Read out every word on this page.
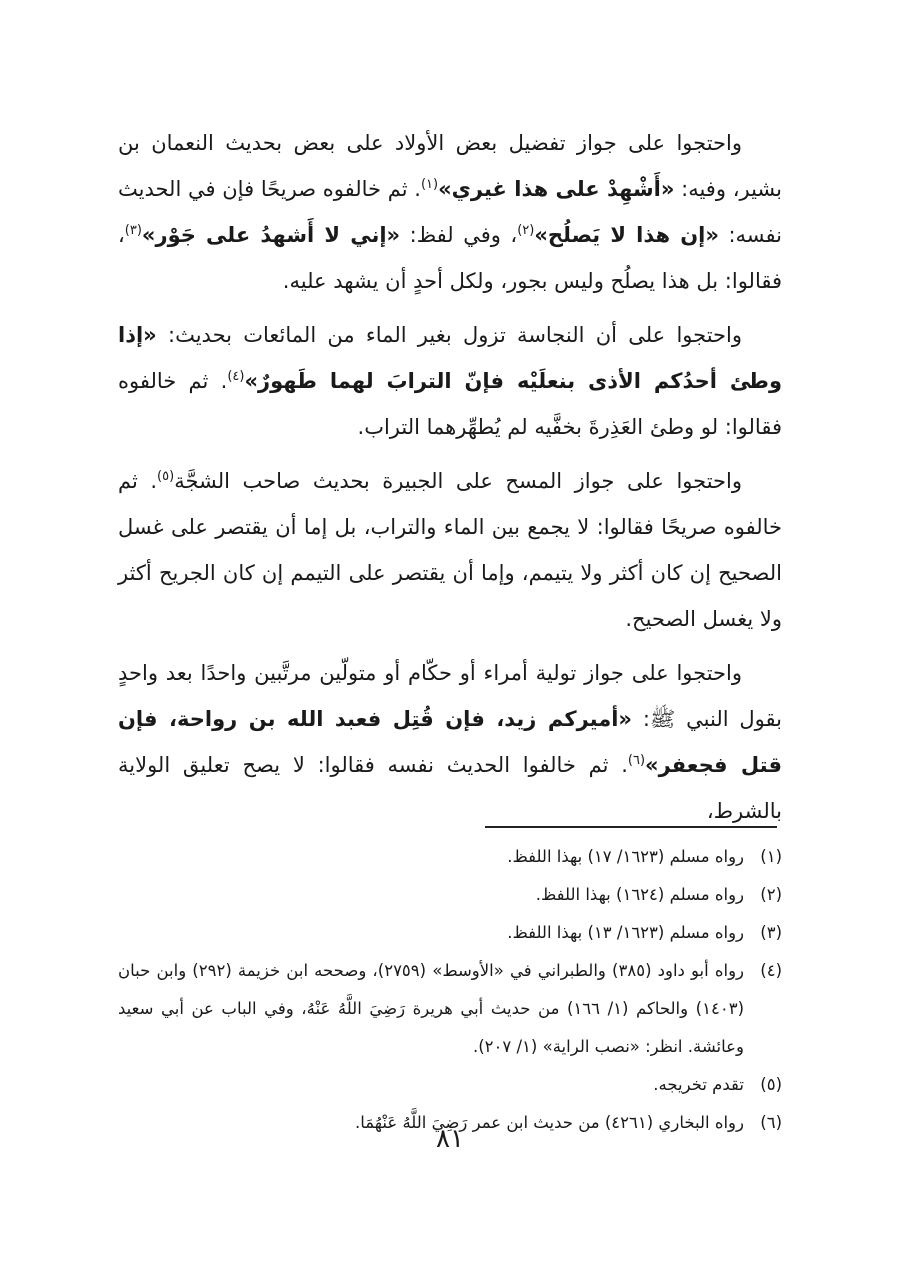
واحتجوا على جواز تفضيل بعض الأولاد على بعض بحديث النعمان بن بشير، وفيه: «أَشْهِدْ على هذا غيري»$^{(١)}$. ثم خالفوه صريحًا فإن في الحديث نفسه: «إن هذا لا يَصلُح»$^{(٢)}$، وفي لفظ: «إني لا أَشهدُ على جَوْر»$^{(٣)}$، فقالوا: بل هذا يصلُح وليس بجور، ولكل أحدٍ أن يشهد عليه.

واحتجوا على أن النجاسة تزول بغير الماء من المائعات بحديث: «إذا وطئ أحدُكم الأذى بنعلَيْه فإنّ الترابَ لهما طَهورٌ»$^{(٤)}$. ثم خالفوه فقالوا: لو وطئ العَذِرةَ بخفَّيه لم يُطهِّرهما التراب.

واحتجوا على جواز المسح على الجبيرة بحديث صاحب الشجَّة$^{(٥)}$. ثم خالفوه صريحًا فقالوا: لا يجمع بين الماء والتراب، بل إما أن يقتصر على غسل الصحيح إن كان أكثر ولا يتيمم، وإما أن يقتصر على التيمم إن كان الجريح أكثر ولا يغسل الصحيح.

واحتجوا على جواز تولية أمراء أو حكّام أو متولّين مرتَّبين واحدًا بعد واحدٍ بقول النبي ﷺ: «أميركم زيد، فإن قُتِل فعبد الله بن رواحة، فإن قتل فجعفر»$^{(٦)}$. ثم خالفوا الحديث نفسه فقالوا: لا يصح تعليق الولاية بالشرط،

(١)
رواه مسلم (١٦٢٣/ ١٧) بهذا اللفظ.
(٢)
رواه مسلم (١٦٢٤) بهذا اللفظ.
(٣)
رواه مسلم (١٦٢٣/ ١٣) بهذا اللفظ.
(٤)
رواه أبو داود (٣٨٥) والطبراني في «الأوسط» (٢٧٥٩)، وصححه ابن خزيمة (٢٩٢) وابن حبان (١٤٠٣) والحاكم (١/ ١٦٦) من حديث أبي هريرة رَضِيَ اللَّهُ عَنْهُ، وفي الباب عن أبي سعيد وعائشة. انظر: «نصب الراية» (١/ ٢٠٧).
(٥)
تقدم تخريجه.
(٦)
رواه البخاري (٤٢٦١) من حديث ابن عمر رَضِيَ اللَّهُ عَنْهُمَا.
٨١
